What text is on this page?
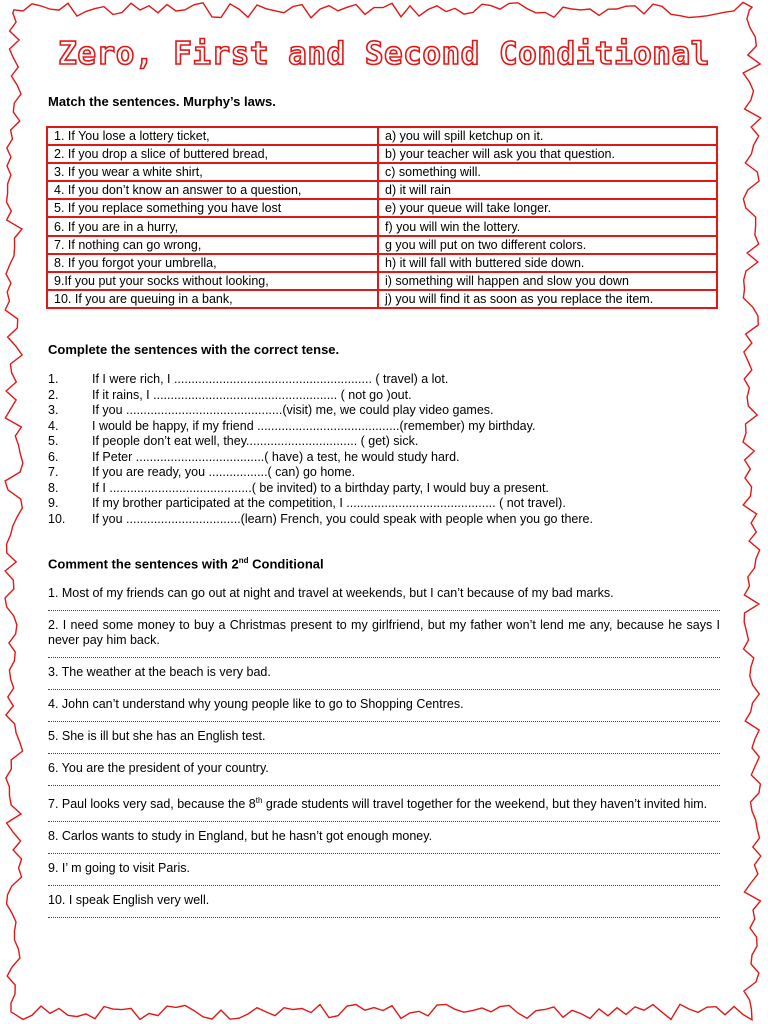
Zero, First and Second Conditional
Match the sentences. Murphy’s laws.
1. If You lose a lottery ticket,	a) you will spill ketchup on it.
2. If you drop a slice of buttered bread,	b) your teacher will ask you that question.
3. If you wear a white shirt,	c) something will.
4. If you don’t know an answer to a question,	d) it will rain
5. If you replace something you have lost	e) your queue will take longer.
6. If you are in a hurry,	f) you will win the lottery.
7. If nothing can go wrong,	g you will put on two different colors.
8. If you forgot your umbrella,	h) it will fall with buttered side down.
9.If you put your socks without looking,	i) something will happen and slow you down
10. If you are queuing in a bank,	j) you will find it as soon as you replace the item.
Complete the sentences with the correct tense.
1.	If I were rich, I ......................................................... ( travel) a lot.
2.	If it rains, I ..................................................... ( not go )out.
3.	If you .............................................(visit) me, we could play video games.
4.	I would be happy, if my friend .........................................(remember) my birthday.
5.	If people don’t eat well, they................................ ( get) sick.
6.	If Peter .....................................( have) a test, he would study hard.
7.	If you are ready, you .................( can) go home.
8.	If I .........................................( be invited) to a birthday party, I would buy a present.
9.	If my brother participated at the competition, I ........................................... ( not travel).
10. If you .................................(learn) French, you could speak with people when you go there.
Comment the sentences with 2nd Conditional
1. Most of my friends can go out at night and travel at weekends, but I can’t because of my bad marks.
2. I need some money to buy a Christmas present to my girlfriend, but my father won’t lend me any, because he says I never pay him back.
3. The weather at the beach is very bad.
4. John can’t understand why young people like to go to Shopping Centres.
5. She is ill but she has an English test.
6. You are the president of your country.
7. Paul looks very sad, because the 8th grade students will travel together for the weekend, but they haven’t invited him.
8. Carlos wants to study in England, but he hasn’t got enough money.
9. I’ m going to visit Paris.
10. I speak English very well.
